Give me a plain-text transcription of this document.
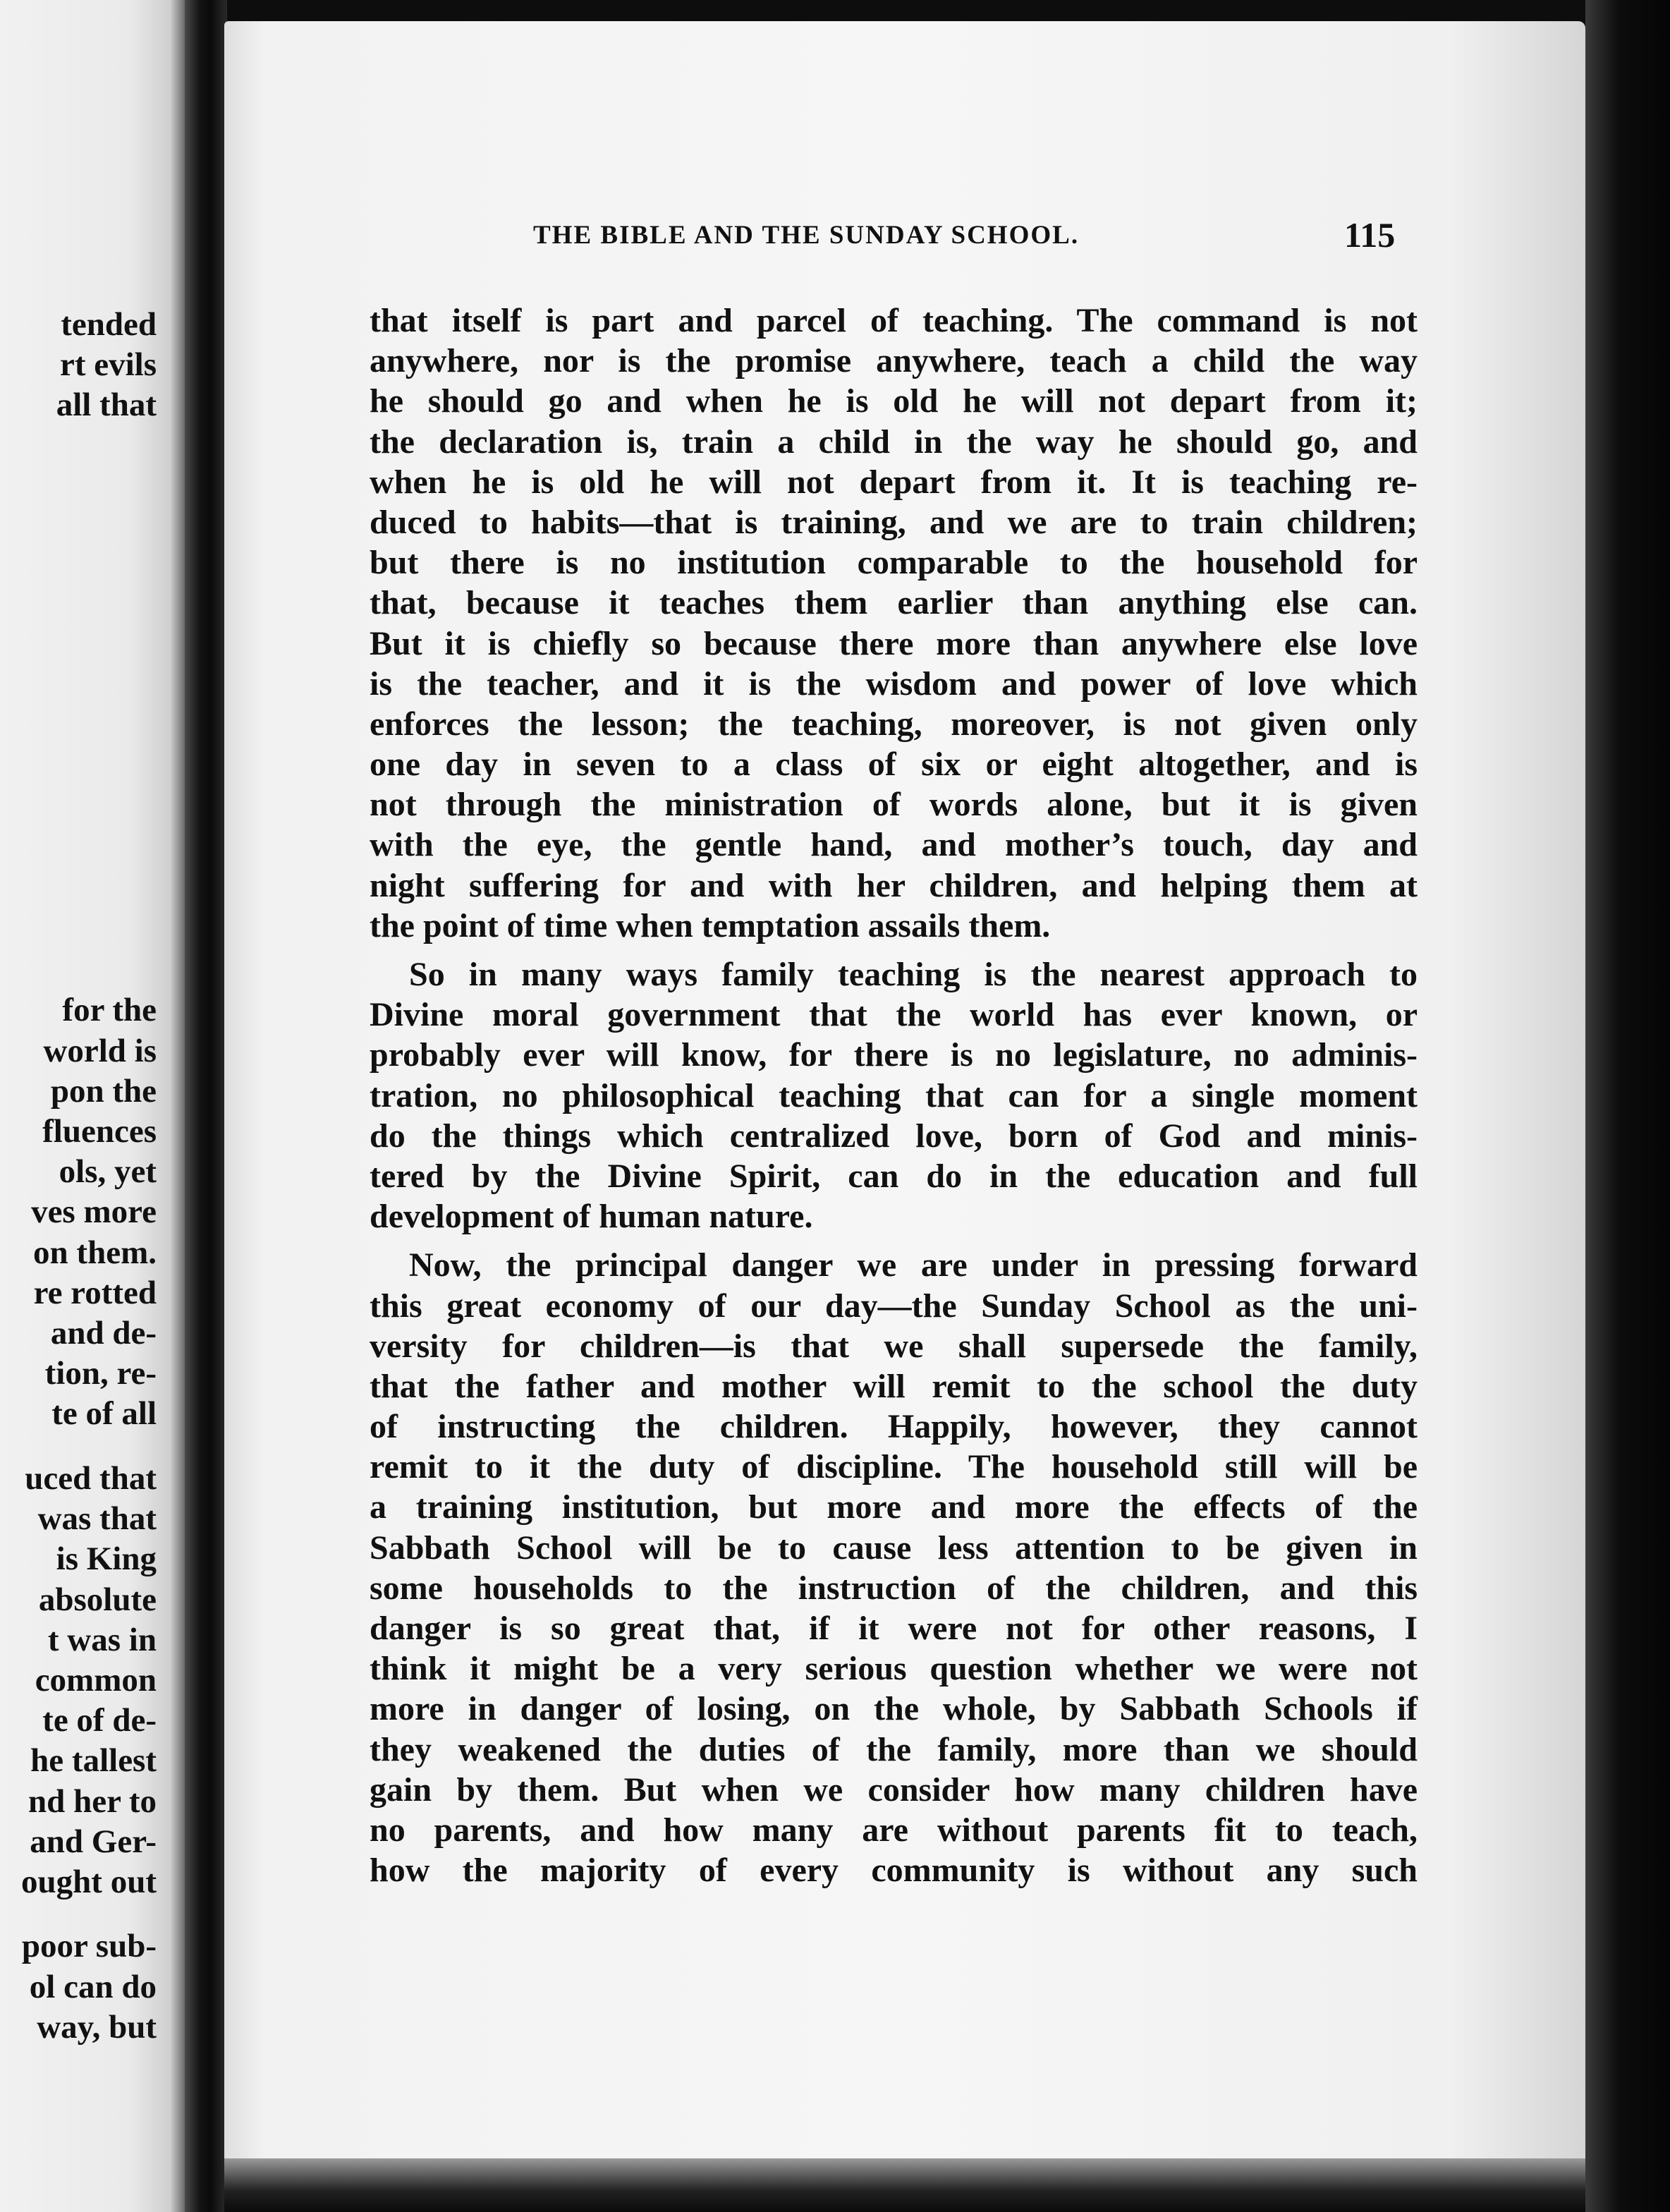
tended
rt evils
all that
for the
world is
pon the
fluences
ols, yet
ves more
on them.
re rotted
and de-
tion, re-
te of all
uced that
was that
is King
absolute
t was in
common
te of de-
he tallest
nd her to
and Ger-
ought out
poor sub-
ol can do
way, but
THE BIBLE AND THE SUNDAY SCHOOL.	115
that itself is part and parcel of teaching. The command is not
anywhere, nor is the promise anywhere, teach a child the way
he should go and when he is old he will not depart from it;
the declaration is, train a child in the way he should go, and
when he is old he will not depart from it. It is teaching re-
duced to habits—that is training, and we are to train children;
but there is no institution comparable to the household for
that, because it teaches them earlier than anything else can.
But it is chiefly so because there more than anywhere else love
is the teacher, and it is the wisdom and power of love which
enforces the lesson; the teaching, moreover, is not given only
one day in seven to a class of six or eight altogether, and is
not through the ministration of words alone, but it is given
with the eye, the gentle hand, and mother’s touch, day and
night suffering for and with her children, and helping them at
the point of time when temptation assails them.
So in many ways family teaching is the nearest approach to
Divine moral government that the world has ever known, or
probably ever will know, for there is no legislature, no adminis-
tration, no philosophical teaching that can for a single moment
do the things which centralized love, born of God and minis-
tered by the Divine Spirit, can do in the education and full
development of human nature.
Now, the principal danger we are under in pressing forward
this great economy of our day—the Sunday School as the uni-
versity for children—is that we shall supersede the family,
that the father and mother will remit to the school the duty
of instructing the children. Happily, however, they cannot
remit to it the duty of discipline. The household still will be
a training institution, but more and more the effects of the
Sabbath School will be to cause less attention to be given in
some households to the instruction of the children, and this
danger is so great that, if it were not for other reasons, I
think it might be a very serious question whether we were not
more in danger of losing, on the whole, by Sabbath Schools if
they weakened the duties of the family, more than we should
gain by them. But when we consider how many children have
no parents, and how many are without parents fit to teach,
how the majority of every community is without any such
